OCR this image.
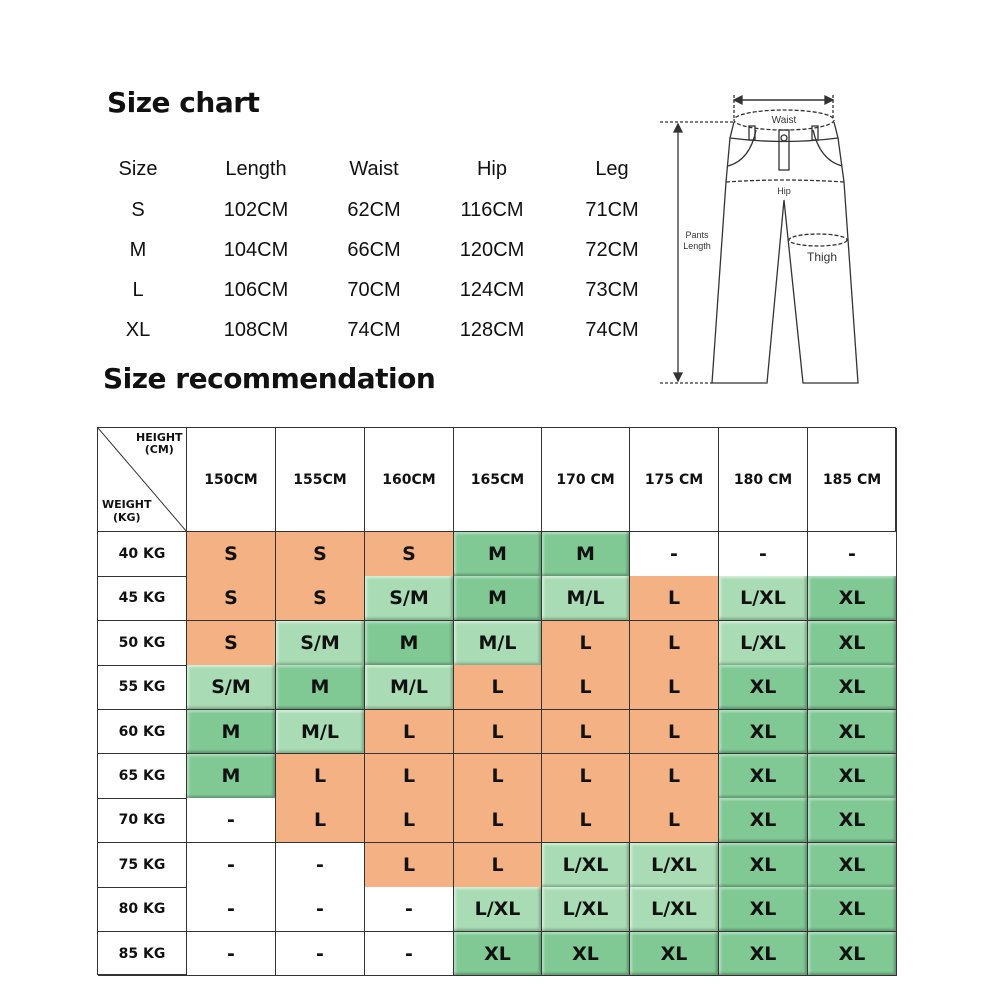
Size chart
Size	Length	Waist	Hip	Leg
S	102CM	62CM	116CM	71CM
M	104CM	66CM	120CM	72CM
L	106CM	70CM	124CM	73CM
XL	108CM	74CM	128CM	74CM
Size recommendation
Waist
Pants
Length
Hip
Thigh
HEIGHT
(CM)
WEIGHT
(KG)
150CM	155CM	160CM	165CM	170 CM	175 CM	180 CM	185 CM
40 KG	S	S	S	M	M	-	-	-
45 KG	S	S	S/M	M	M/L	L	L/XL	XL
50 KG	S	S/M	M	M/L	L	L	L/XL	XL
55 KG	S/M	M	M/L	L	L	L	XL	XL
60 KG	M	M/L	L	L	L	L	XL	XL
65 KG	M	L	L	L	L	L	XL	XL
70 KG	-	L	L	L	L	L	XL	XL
75 KG	-	-	L	L	L/XL	L/XL	XL	XL
80 KG	-	-	-	L/XL	L/XL	L/XL	XL	XL
85 KG	-	-	-	XL	XL	XL	XL	XL
